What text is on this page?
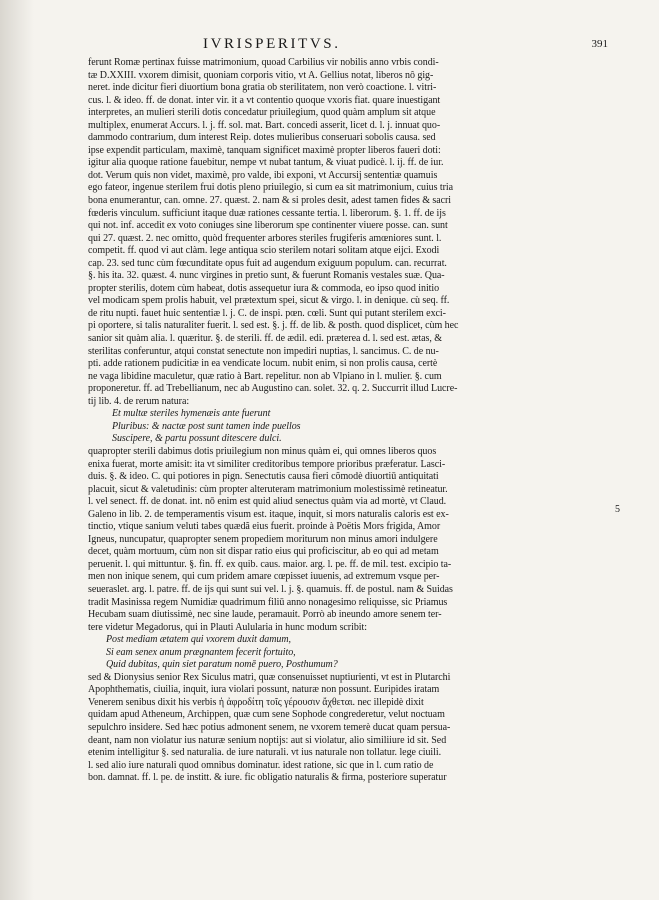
IVRISPERITVS.	391
ferunt Romæ pertinax fuisse matrimonium, quoad Carbilius vir nobilis anno vrbis condi-
tæ D.XXIII. vxorem dimisit, quoniam corporis vitio, vt A. Gellius notat, liberos nô gig-
neret. inde dicitur fieri diuortium bona gratia ob sterilitatem, non verò coactione. l. vitri-
cus. l. & ideo. ff. de donat. inter vir. it a vt contentio quoque vxoris fiat. quare inuestigant
interpretes, an mulieri sterili dotis concedatur priuilegium, quod quàm amplum sit atque
multiplex, enumerat Accurs. l. j. ff. sol. mat. Bart. concedi asserit, licet d. l. j. innuat quo-
dammodo contrarium, dum interest Reip. dotes mulieribus conseruari sobolis causa. sed
ipse expendit particulam, maximè, tanquam significet maximè propter liberos faueri doti:
igitur alia quoque ratione fauebitur, nempe vt nubat tantum, & viuat pudicè. l. ij. ff. de iur.
dot. Verum quis non videt, maximè, pro valde, ibi exponi, vt Accursij sententiæ quamuis
ego fateor, ingenue sterilem frui dotis pleno priuilegio, si cum ea sit matrimonium, cuius tria
bona enumerantur, can. omne. 27. quæst. 2. nam & si proles desit, adest tamen fides & sacri
fœderis vinculum. sufficiunt itaque duæ rationes cessante tertia. l. liberorum. §. 1. ff. de ijs
qui not. inf. accedit ex voto coniuges sine liberorum spe continenter viuere posse. can. sunt
qui 27. quæst. 2. nec omitto, quòd frequenter arbores steriles frugiferis amœniores sunt. l.
competit. ff. quod vi aut clàm. lege antiqua scio sterilem notari solitam atque eijci. Exodi
cap. 23. sed tunc cùm fœcunditate opus fuit ad augendum exiguum populum. can. recurrat.
§. his ita. 32. quæst. 4. nunc virgines in pretio sunt, & fuerunt Romanis vestales suæ. Qua-
propter sterilis, dotem cùm habeat, dotis assequetur iura & commoda, eo ipso quod initio
vel modicam spem prolis habuit, vel prætextum spei, sicut & virgo. l. in denique. cù seq. ff.
de ritu nupti. fauet huic sententiæ l. j. C. de inspi. pœn. cœli. Sunt qui putant sterilem exci-
pi oportere, si talis naturaliter fuerit. l. sed est. §. j. ff. de lib. & posth. quod displicet, cùm hec
sanior sit quàm alia. l. quæritur. §. de sterili. ff. de ædil. edi. præterea d. l. sed est. ætas, &
sterilitas conferuntur, atqui constat senectute non impediri nuptias, l. sancimus. C. de nu-
pti. adde rationem pudicitiæ in ea vendicate locum. nubit enim, si non prolis causa, certè
ne vaga libidine maculetur, quæ ratio à Bart. repelitur. non ab Vlpiano in l. mulier. §. cum
proponeretur. ff. ad Trebellianum, nec ab Augustino can. solet. 32. q. 2. Succurrit illud Lucre-
tij lib. 4. de rerum natura:
Et multæ steriles hymenæis ante fuerunt
Pluribus: & nactæ post sunt tamen inde puellos
Suscipere, & partu possunt ditescere dulci.
quapropter sterili dabimus dotis priuilegium non minus quàm ei, qui omnes liberos quos
enixa fuerat, morte amisit: ita vt similiter creditoribus tempore prioribus præferatur. Lasci-
duis. §. & ideo. C. qui potiores in pign. Senectutis causa fieri cõmodè diuortiū antiquitati
placuit, sicut & valetudinis: cùm propter alteruteram matrimonium molestissimè retineatur.
l. vel senect. ff. de donat. int. nō enim est quid aliud senectus quàm via ad mortè, vt Claud.
Galeno in lib. 2. de temperamentis visum est. itaque, inquit, si mors naturalis caloris est ex-
tinctio, vtique sanium veluti tabes quædã eius fuerit. proinde à Poëtis Mors frigida, Amor
Igneus, nuncupatur, quapropter senem propediem moriturum non minus amori indulgere
decet, quàm mortuum, cùm non sit dispar ratio eius qui proficiscitur, ab eo qui ad metam
peruenit. l. qui mittuntur. §. fin. ff. ex quib. caus. maior. arg. l. pe. ff. de mil. test. excipio ta-
men non inique senem, qui cum pridem amare cœpisset iuuenis, ad extremum vsque per-
seueraslet. arg. l. patre. ff. de ijs qui sunt sui vel. l. j. §. quamuis. ff. de postul. nam & Suidas
tradit Masinissa regem Numidiæ quadrimum filiū anno nonagesimo reliquisse, sic Priamus
Hecubam suam diutissimè, nec sine laude, peramauit. Porrò ab ineundo amore senem ter-
tere videtur Megadorus, qui in Plauti Aulularia in hunc modum scribit:
Post mediam ætatem qui vxorem duxit damum,
Si eam senex anum prægnantem fecerit fortuito,
Quid dubitas, quin siet paratum nomē puero, Posthumum?
sed & Dionysius senior Rex Siculus matri, quæ consenuisset nuptiurienti, vt est in Plutarchi
Apophthematis, ciuilia, inquit, iura violari possunt, naturæ non possunt. Euripides iratam
Venerem senibus dixit his verbis ἡ ἀφροδίτη τοῖς γέρουσιν ἄχθεται. nec illepidè dixit
quidam apud Atheneum, Archippen, quæ cum sene Sophode congrederetur, velut noctuam
sepulchro insidere. Sed hæc potius admonent senem, ne vxorem temerè ducat quam persua-
deant, nam non violatur ius naturæ senium noptijs: aut si violatur, alio similiiure id sit. Sed
etenim intelligitur §. sed naturalia. de iure naturali. vt ius naturale non tollatur. lege ciuili.
l. sed alio iure naturali quod omnibus dominatur. idest ratione, sic que in l. cum ratio de
bon. damnat. ff. l. pe. de institt. & iure. fic obligatio naturalis & firma, posteriore superatur
5
